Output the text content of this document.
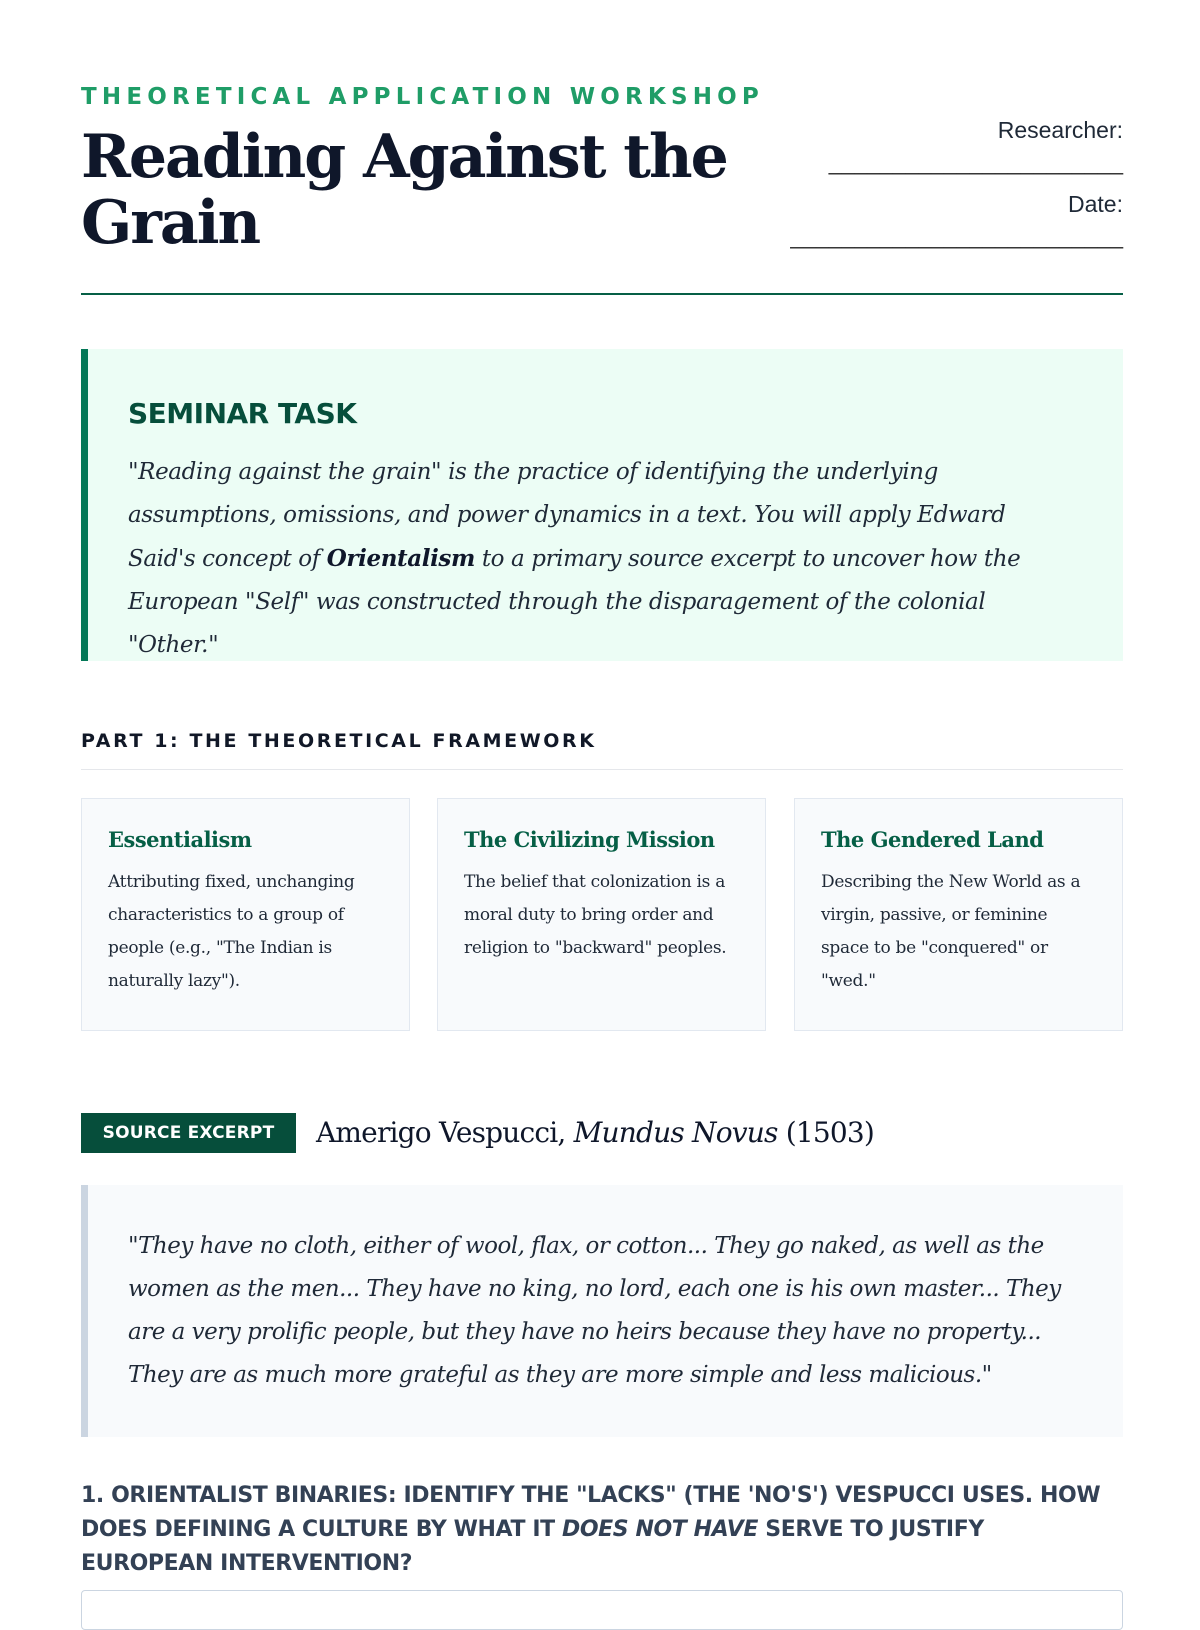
THEORETICAL APPLICATION WORKSHOP
Reading Against the Grain
Researcher:
_______________________
Date:
__________________________
SEMINAR TASK
"Reading against the grain" is the practice of identifying the underlying assumptions, omissions, and power dynamics in a text. You will apply Edward Said's concept of Orientalism to a primary source excerpt to uncover how the European "Self" was constructed through the disparagement of the colonial "Other."
PART 1: THE THEORETICAL FRAMEWORK
Essentialism

Attributing fixed, unchanging characteristics to a group of people (e.g., "The Indian is naturally lazy").

The Civilizing Mission

The belief that colonization is a moral duty to bring order and religion to "backward" peoples.

The Gendered Land

Describing the New World as a virgin, passive, or feminine space to be "conquered" or "wed."

SOURCE EXCERPT	Amerigo Vespucci, Mundus Novus (1503)

"They have no cloth, either of wool, flax, or cotton... They go naked, as well as the women as the men... They have no king, no lord, each one is his own master... They are a very prolific people, but they have no heirs because they have no property... They are as much more grateful as they are more simple and less malicious."

1. ORIENTALIST BINARIES: IDENTIFY THE "LACKS" (THE 'NO'S') VESPUCCI USES. HOW DOES DEFINING A CULTURE BY WHAT IT DOES NOT HAVE SERVE TO JUSTIFY EUROPEAN INTERVENTION?
